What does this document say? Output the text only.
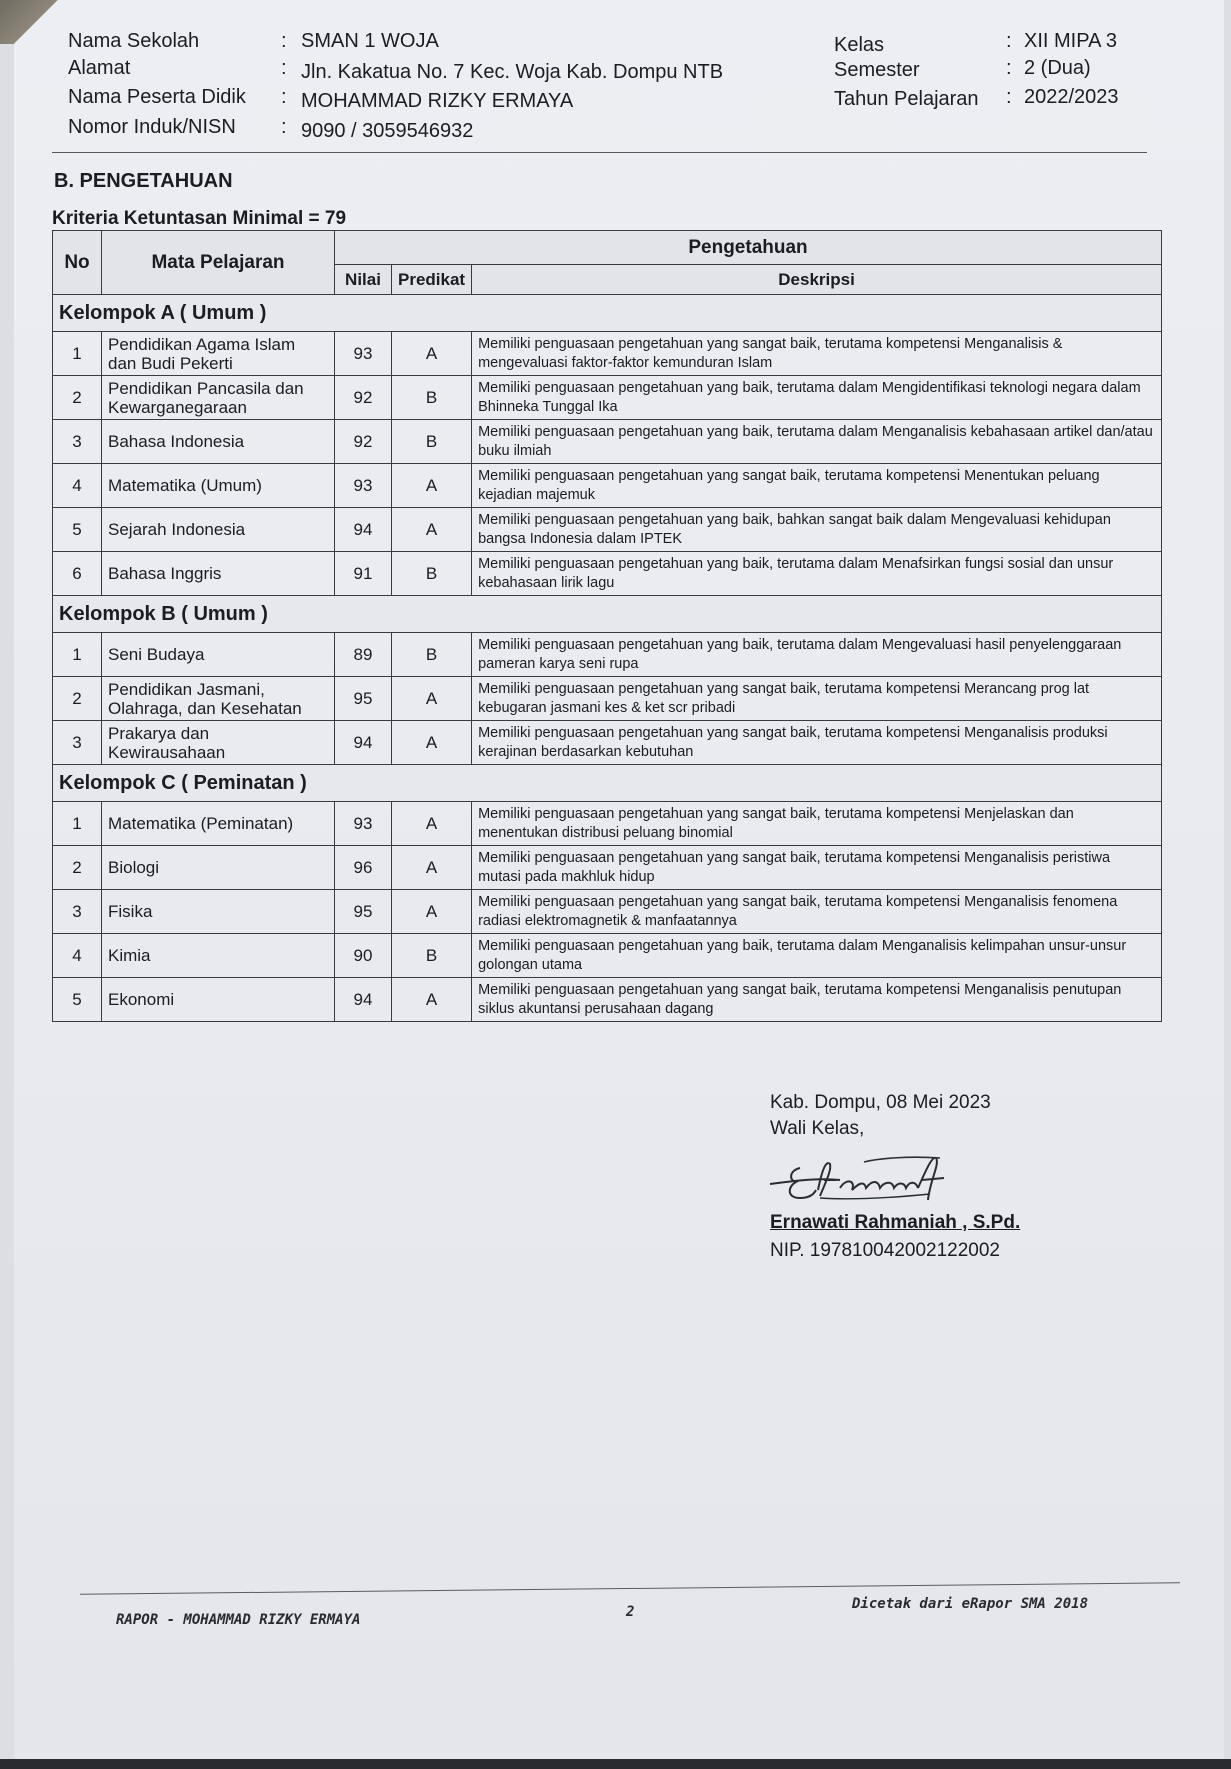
Nama Sekolah	: SMAN 1 WOJA	Kelas	: XII MIPA 3
Alamat	: Jln. Kakatua No. 7 Kec. Woja Kab. Dompu NTB	Semester	: 2 (Dua)
Nama Peserta Didik : MOHAMMAD RIZKY ERMAYA	Tahun Pelajaran : 2022/2023
Nomor Induk/NISN : 9090 / 3059546932
B. PENGETAHUAN
Kriteria Ketuntasan Minimal = 79
No	Mata Pelajaran	Pengetahuan		
		Nilai	Predikat	Deskripsi
Kelompok A ( Umum )				
1	Pendidikan Agama Islam dan Budi Pekerti	93	A	Memiliki penguasaan pengetahuan yang sangat baik, terutama kompetensi Menganalisis & mengevaluasi faktor-faktor kemunduran Islam
2	Pendidikan Pancasila dan Kewarganegaraan	92	B	Memiliki penguasaan pengetahuan yang baik, terutama dalam Mengidentifikasi teknologi negara dalam Bhinneka Tunggal Ika
3	Bahasa Indonesia	92	B	Memiliki penguasaan pengetahuan yang baik, terutama dalam Menganalisis kebahasaan artikel dan/atau buku ilmiah
4	Matematika (Umum)	93	A	Memiliki penguasaan pengetahuan yang sangat baik, terutama kompetensi Menentukan peluang kejadian majemuk
5	Sejarah Indonesia	94	A	Memiliki penguasaan pengetahuan yang baik, bahkan sangat baik dalam Mengevaluasi kehidupan bangsa Indonesia dalam IPTEK
6	Bahasa Inggris	91	B	Memiliki penguasaan pengetahuan yang baik, terutama dalam Menafsirkan fungsi sosial dan unsur kebahasaan lirik lagu
Kelompok B ( Umum )				
1	Seni Budaya	89	B	Memiliki penguasaan pengetahuan yang baik, terutama dalam Mengevaluasi hasil penyelenggaraan pameran karya seni rupa
2	Pendidikan Jasmani, Olahraga, dan Kesehatan	95	A	Memiliki penguasaan pengetahuan yang sangat baik, terutama kompetensi Merancang prog lat kebugaran jasmani kes & ket scr pribadi
3	Prakarya dan Kewirausahaan	94	A	Memiliki penguasaan pengetahuan yang sangat baik, terutama kompetensi Menganalisis produksi kerajinan berdasarkan kebutuhan
Kelompok C ( Peminatan )				
1	Matematika (Peminatan)	93	A	Memiliki penguasaan pengetahuan yang sangat baik, terutama kompetensi Menjelaskan dan menentukan distribusi peluang binomial
2	Biologi	96	A	Memiliki penguasaan pengetahuan yang sangat baik, terutama kompetensi Menganalisis peristiwa mutasi pada makhluk hidup
3	Fisika	95	A	Memiliki penguasaan pengetahuan yang sangat baik, terutama kompetensi Menganalisis fenomena radiasi elektromagnetik & manfaatannya
4	Kimia	90	B	Memiliki penguasaan pengetahuan yang baik, terutama dalam Menganalisis kelimpahan unsur-unsur golongan utama
5	Ekonomi	94	A	Memiliki penguasaan pengetahuan yang sangat baik, terutama kompetensi Menganalisis penutupan siklus akuntansi perusahaan dagang
Kab. Dompu, 08 Mei 2023
Wali Kelas,
Ernawati Rahmaniah , S.Pd.
NIP. 197810042002122002
RAPOR - MOHAMMAD RIZKY ERMAYA	2	Dicetak dari eRapor SMA 2018
